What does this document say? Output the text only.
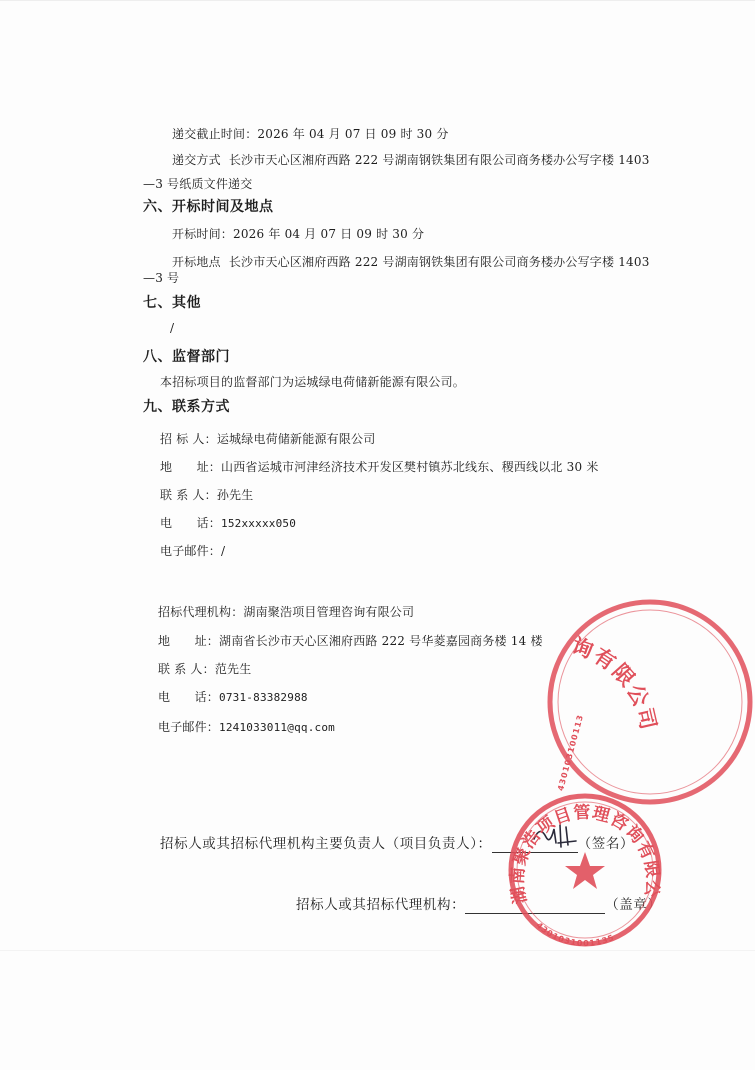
递交截止时间：2026 年 04 月 07 日 09 时 30 分
递交方式 长沙市天心区湘府西路 222 号湖南钢铁集团有限公司商务楼办公写字楼 1403
—3 号纸质文件递交
六、开标时间及地点
开标时间：2026 年 04 月 07 日 09 时 30 分
开标地点 长沙市天心区湘府西路 222 号湖南钢铁集团有限公司商务楼办公写字楼 1403
—3 号
七、其他
/
八、监督部门
本招标项目的监督部门为运城绿电荷储新能源有限公司。
九、联系方式
招 标 人：运城绿电荷储新能源有限公司
地　　址：山西省运城市河津经济技术开发区樊村镇苏北线东、稷西线以北 30 米
联 系 人：孙先生
电　　话：152xxxxx050
电子邮件：/
招标代理机构：湖南聚浩项目管理咨询有限公司
地　　址：湖南省长沙市天心区湘府西路 222 号华菱嘉园商务楼 14 楼
联 系 人：范先生
电　　话：0731-83382988
电子邮件：1241033011@qq.com
招标人或其招标代理机构主要负责人（项目负责人）：	（签名）
招标人或其招标代理机构：	（盖章）
询有限公司
430103100113
湖南聚浩项目管理咨询有限公司
4301031001135
